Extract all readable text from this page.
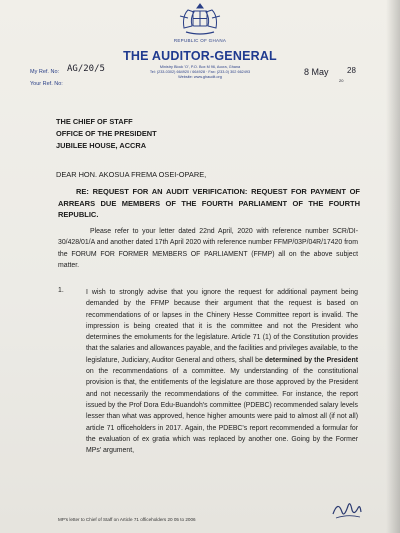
REPUBLIC OF GHANA
THE AUDITOR-GENERAL
Ministry Block 'O', P.O. Box M 96, Accra, Ghana
Tel: (233-0302) 664920 / 664928 · Fax: (233-0) 302 662493
Website: www.ghaudit.org
My Ref. No: AG/20/5
Your Ref. No:
8 May 28
20
THE CHIEF OF STAFF
OFFICE OF THE PRESIDENT
JUBILEE HOUSE, ACCRA
DEAR HON. AKOSUA FREMA OSEI-OPARE,

RE: REQUEST FOR AN AUDIT VERIFICATION: REQUEST FOR PAYMENT OF ARREARS DUE MEMBERS OF THE FOURTH PARLIAMENT OF THE FOURTH REPUBLIC.

Please refer to your letter dated 22nd April, 2020 with reference number SCR/DI-30/428/01/A and another dated 17th April 2020 with reference number FFMP/03P/04R/17420 from the FORUM FOR FORMER MEMBERS OF PARLIAMENT (FFMP) all on the above subject matter.

1.	I wish to strongly advise that you ignore the request for additional payment being demanded by the FFMP because their argument that the request is based on recommendations of or lapses in the Chinery Hesse Committee report is invalid. The impression is being created that it is the committee and not the President who determines the emoluments for the legislature. Article 71 (1) of the Constitution provides that the salaries and allowances payable, and the facilities and privileges available, to the legislature, Judiciary, Auditor General and others, shall be determined by the President on the recommendations of a committee. My understanding of the constitutional provision is that, the entitlements of the legislature are those approved by the President and not necessarily the recommendations of the committee. For instance, the report issued by the Prof Dora Edu-Buandoh's committee (PDEBC) recommended salary levels lesser than what was approved, hence higher amounts were paid to almost all (if not all) article 71 officeholders in 2017. Again, the PDEBC's report recommended a formular for the evaluation of ex gratia which was replaced by another one. Going by the Former MPs' argument,

MP's letter to Chief of Staff on Article 71 officeholders 20 05 to 2006
